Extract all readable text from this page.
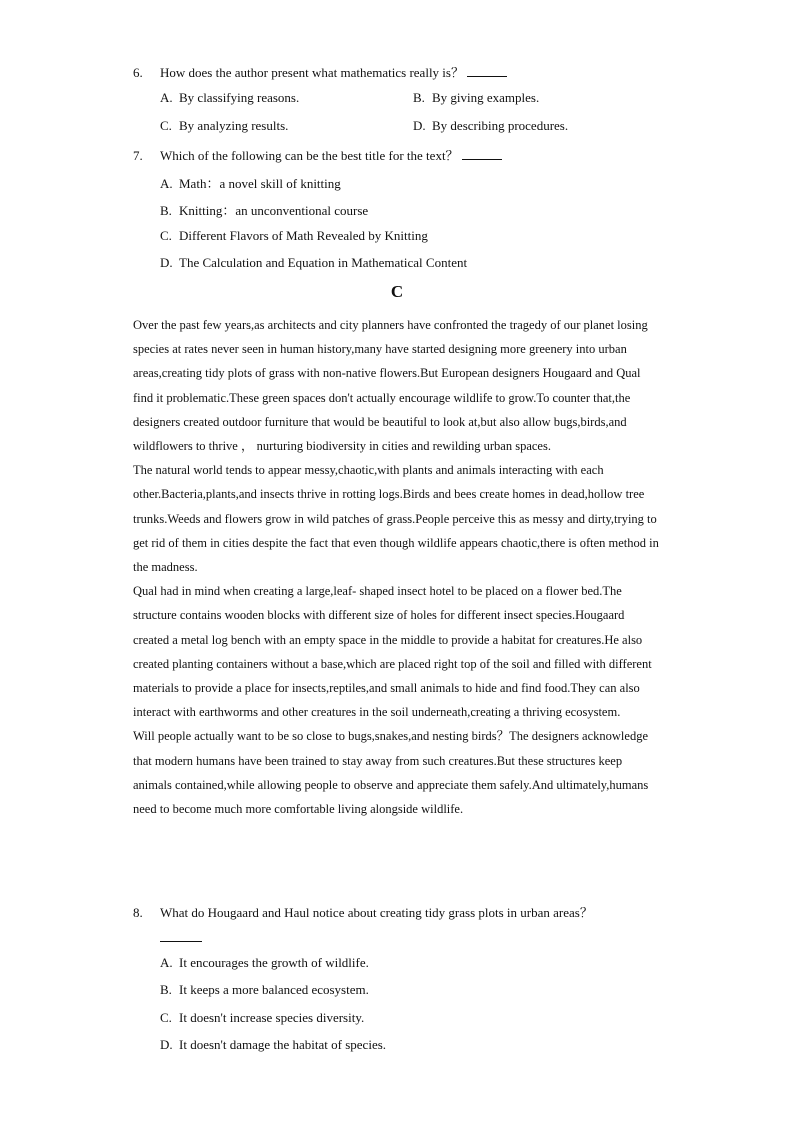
6. How does the author present what mathematics really is？
A. By classifying reasons.	B. By giving examples.
C. By analyzing results.	D. By describing procedures.
7. Which of the following can be the best title for the text？
A. Math：a novel skill of knitting
B. Knitting：an unconventional course
C. Different Flavors of Math Revealed by Knitting
D. The Calculation and Equation in Mathematical Content
C

Over the past few years,as architects and city planners have confronted the tragedy of our planet losing species at rates never seen in human history,many have started designing more greenery into urban areas,creating tidy plots of grass with non-native flowers.But European designers Hougaard and Qual find it problematic.These green spaces don't actually encourage wildlife to grow.To counter that,the designers created outdoor furniture that would be beautiful to look at,but also allow bugs,birds,and wildflowers to thrive ， nurturing biodiversity in cities and rewilding urban spaces.

The natural world tends to appear messy,chaotic,with plants and animals interacting with each other.Bacteria,plants,and insects thrive in rotting logs.Birds and bees create homes in dead,hollow tree trunks.Weeds and flowers grow in wild patches of grass.People perceive this as messy and dirty,trying to get rid of them in cities despite the fact that even though wildlife appears chaotic,there is often method in the madness.

Qual had in mind when creating a large,leaf- shaped insect hotel to be placed on a flower bed.The structure contains wooden blocks with different size of holes for different insect species.Hougaard created a metal log bench with an empty space in the middle to provide a habitat for creatures.He also created planting containers without a base,which are placed right top of the soil and filled with different materials to provide a place for insects,reptiles,and small animals to hide and find food.They can also interact with earthworms and other creatures in the soil underneath,creating a thriving ecosystem.

Will people actually want to be so close to bugs,snakes,and nesting birds？The designers acknowledge that modern humans have been trained to stay away from such creatures.But these structures keep animals contained,while allowing people to observe and appreciate them safely.And ultimately,humans need to become much more comfortable living alongside wildlife.

8. What do Hougaard and Haul notice about creating tidy grass plots in urban areas？
A. It encourages the growth of wildlife.
B. It keeps a more balanced ecosystem.
C. It doesn't increase species diversity.
D. It doesn't damage the habitat of species.
